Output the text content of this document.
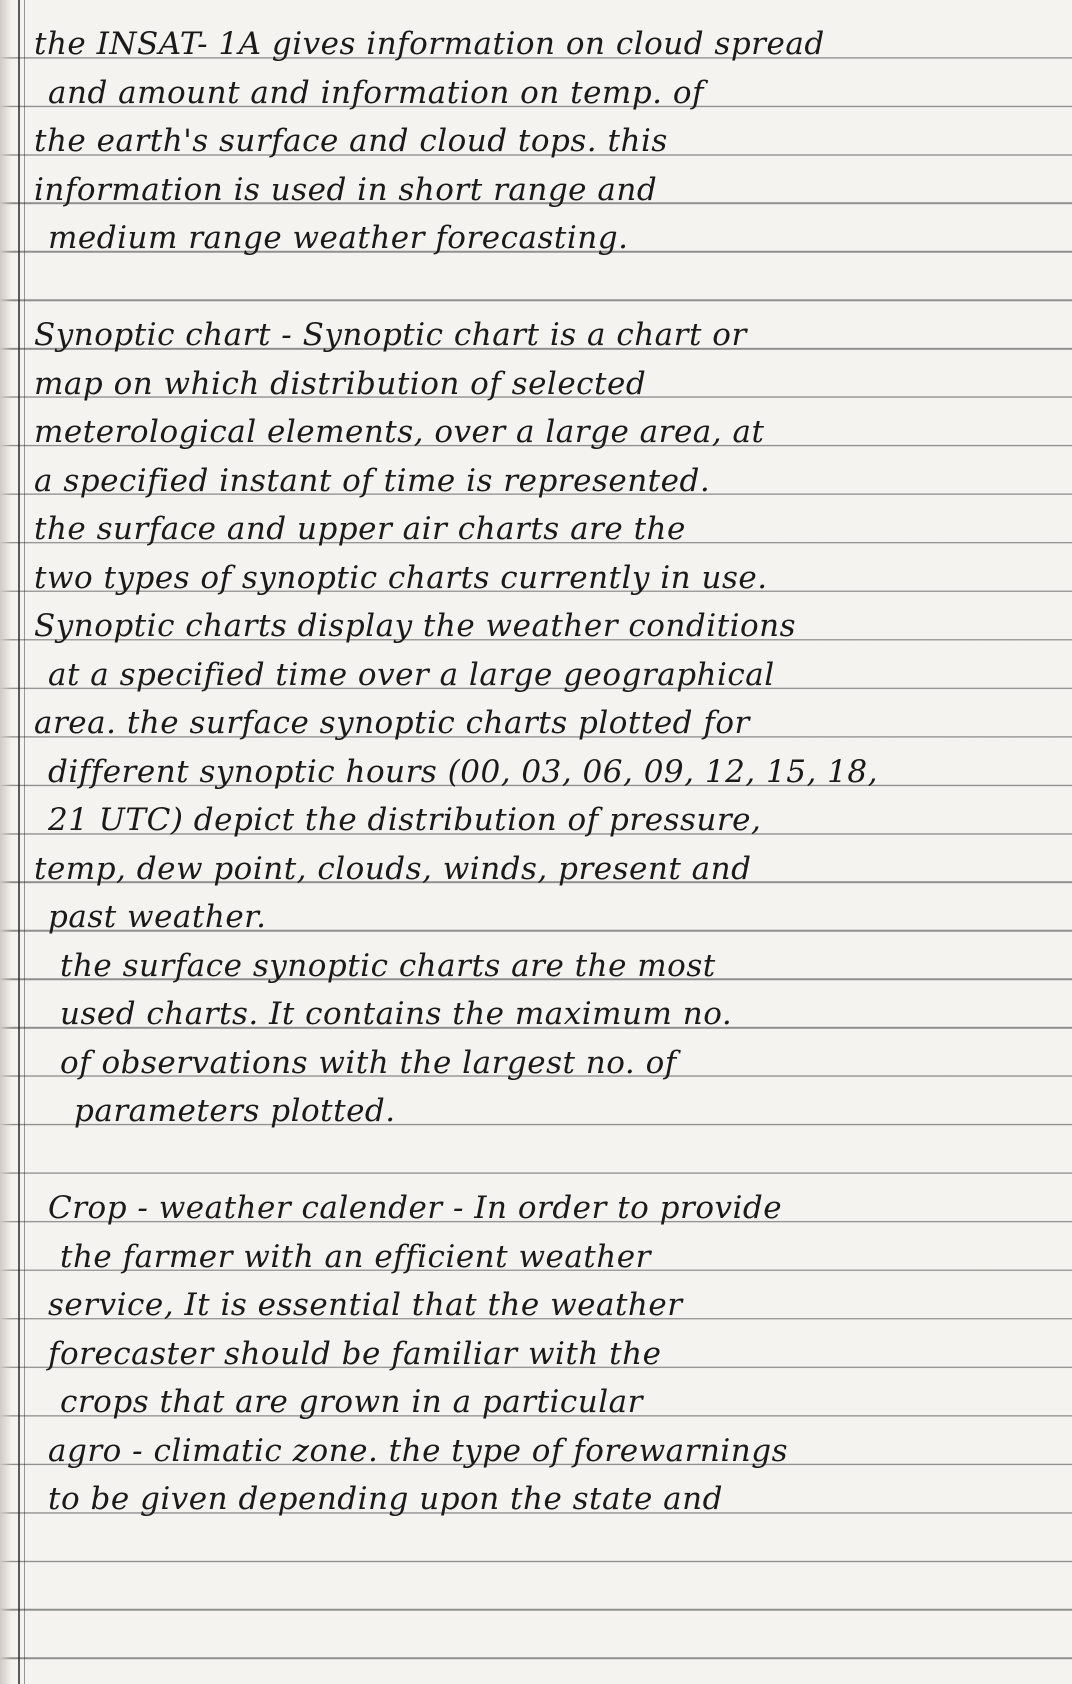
the INSAT- 1A gives information on cloud spread
and amount and information on temp. of
the earth's surface and cloud tops. this
information is used in short range and
medium range weather forecasting.
Synoptic chart - Synoptic chart is a chart or
map on which distribution of selected
meterological elements, over a large area, at
a specified instant of time is represented.
the surface and upper air charts are the
two types of synoptic charts currently in use.
Synoptic charts display the weather conditions
at a specified time over a large geographical
area. the surface synoptic charts plotted for
different synoptic hours (00, 03, 06, 09, 12, 15, 18,
21 UTC) depict the distribution of pressure,
temp, dew point, clouds, winds, present and
past weather.
the surface synoptic charts are the most
used charts. It contains the maximum no.
of observations with the largest no. of
parameters plotted.
Crop - weather calender - In order to provide
the farmer with an efficient weather
service, It is essential that the weather
forecaster should be familiar with the
crops that are grown in a particular
agro - climatic zone. the type of forewarnings
to be given depending upon the state and
